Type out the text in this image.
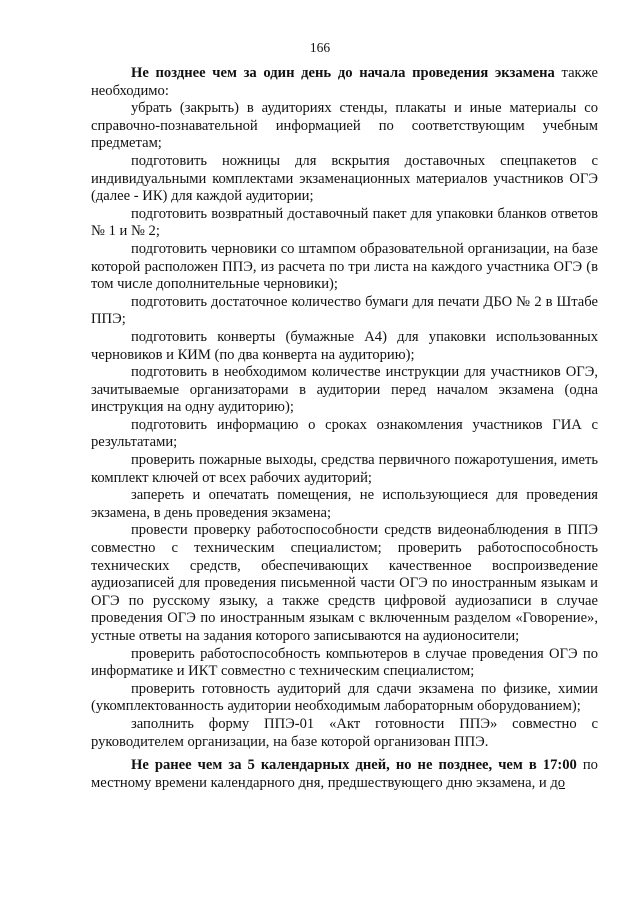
166

Не позднее чем за один день до начала проведения экзамена также необходимо:

убрать (закрыть) в аудиториях стенды, плакаты и иные материалы со справочно-познавательной информацией по соответствующим учебным предметам;

подготовить ножницы для вскрытия доставочных спецпакетов с индивидуальными комплектами экзаменационных материалов участников ОГЭ (далее - ИК) для каждой аудитории;

подготовить возвратный доставочный пакет для упаковки бланков ответов № 1 и № 2;

подготовить черновики со штампом образовательной организации, на базе которой расположен ППЭ, из расчета по три листа на каждого участника ОГЭ (в том числе дополнительные черновики);

подготовить достаточное количество бумаги для печати ДБО № 2 в Штабе ППЭ;

подготовить конверты (бумажные А4) для упаковки использованных черновиков и КИМ (по два конверта на аудиторию);

подготовить в необходимом количестве инструкции для участников ОГЭ, зачитываемые организаторами в аудитории перед началом экзамена (одна инструкция на одну аудиторию);

подготовить информацию о сроках ознакомления участников ГИА с результатами;

проверить пожарные выходы, средства первичного пожаротушения, иметь комплект ключей от всех рабочих аудиторий;

запереть и опечатать помещения, не использующиеся для проведения экзамена, в день проведения экзамена;

провести проверку работоспособности средств видеонаблюдения в ППЭ совместно с техническим специалистом; проверить работоспособность технических средств, обеспечивающих качественное воспроизведение аудиозаписей для проведения письменной части ОГЭ по иностранным языкам и ОГЭ по русскому языку, а также средств цифровой аудиозаписи в случае проведения ОГЭ по иностранным языкам с включенным разделом «Говорение», устные ответы на задания которого записываются на аудионосители;

проверить работоспособность компьютеров в случае проведения ОГЭ по информатике и ИКТ совместно с техническим специалистом;

проверить готовность аудиторий для сдачи экзамена по физике, химии (укомплектованность аудитории необходимым лабораторным оборудованием);

заполнить форму ППЭ-01 «Акт готовности ППЭ» совместно с руководителем организации, на базе которой организован ППЭ.

Не ранее чем за 5 календарных дней, но не позднее, чем в 17:00 по местному времени календарного дня, предшествующего дню экзамена, и до
